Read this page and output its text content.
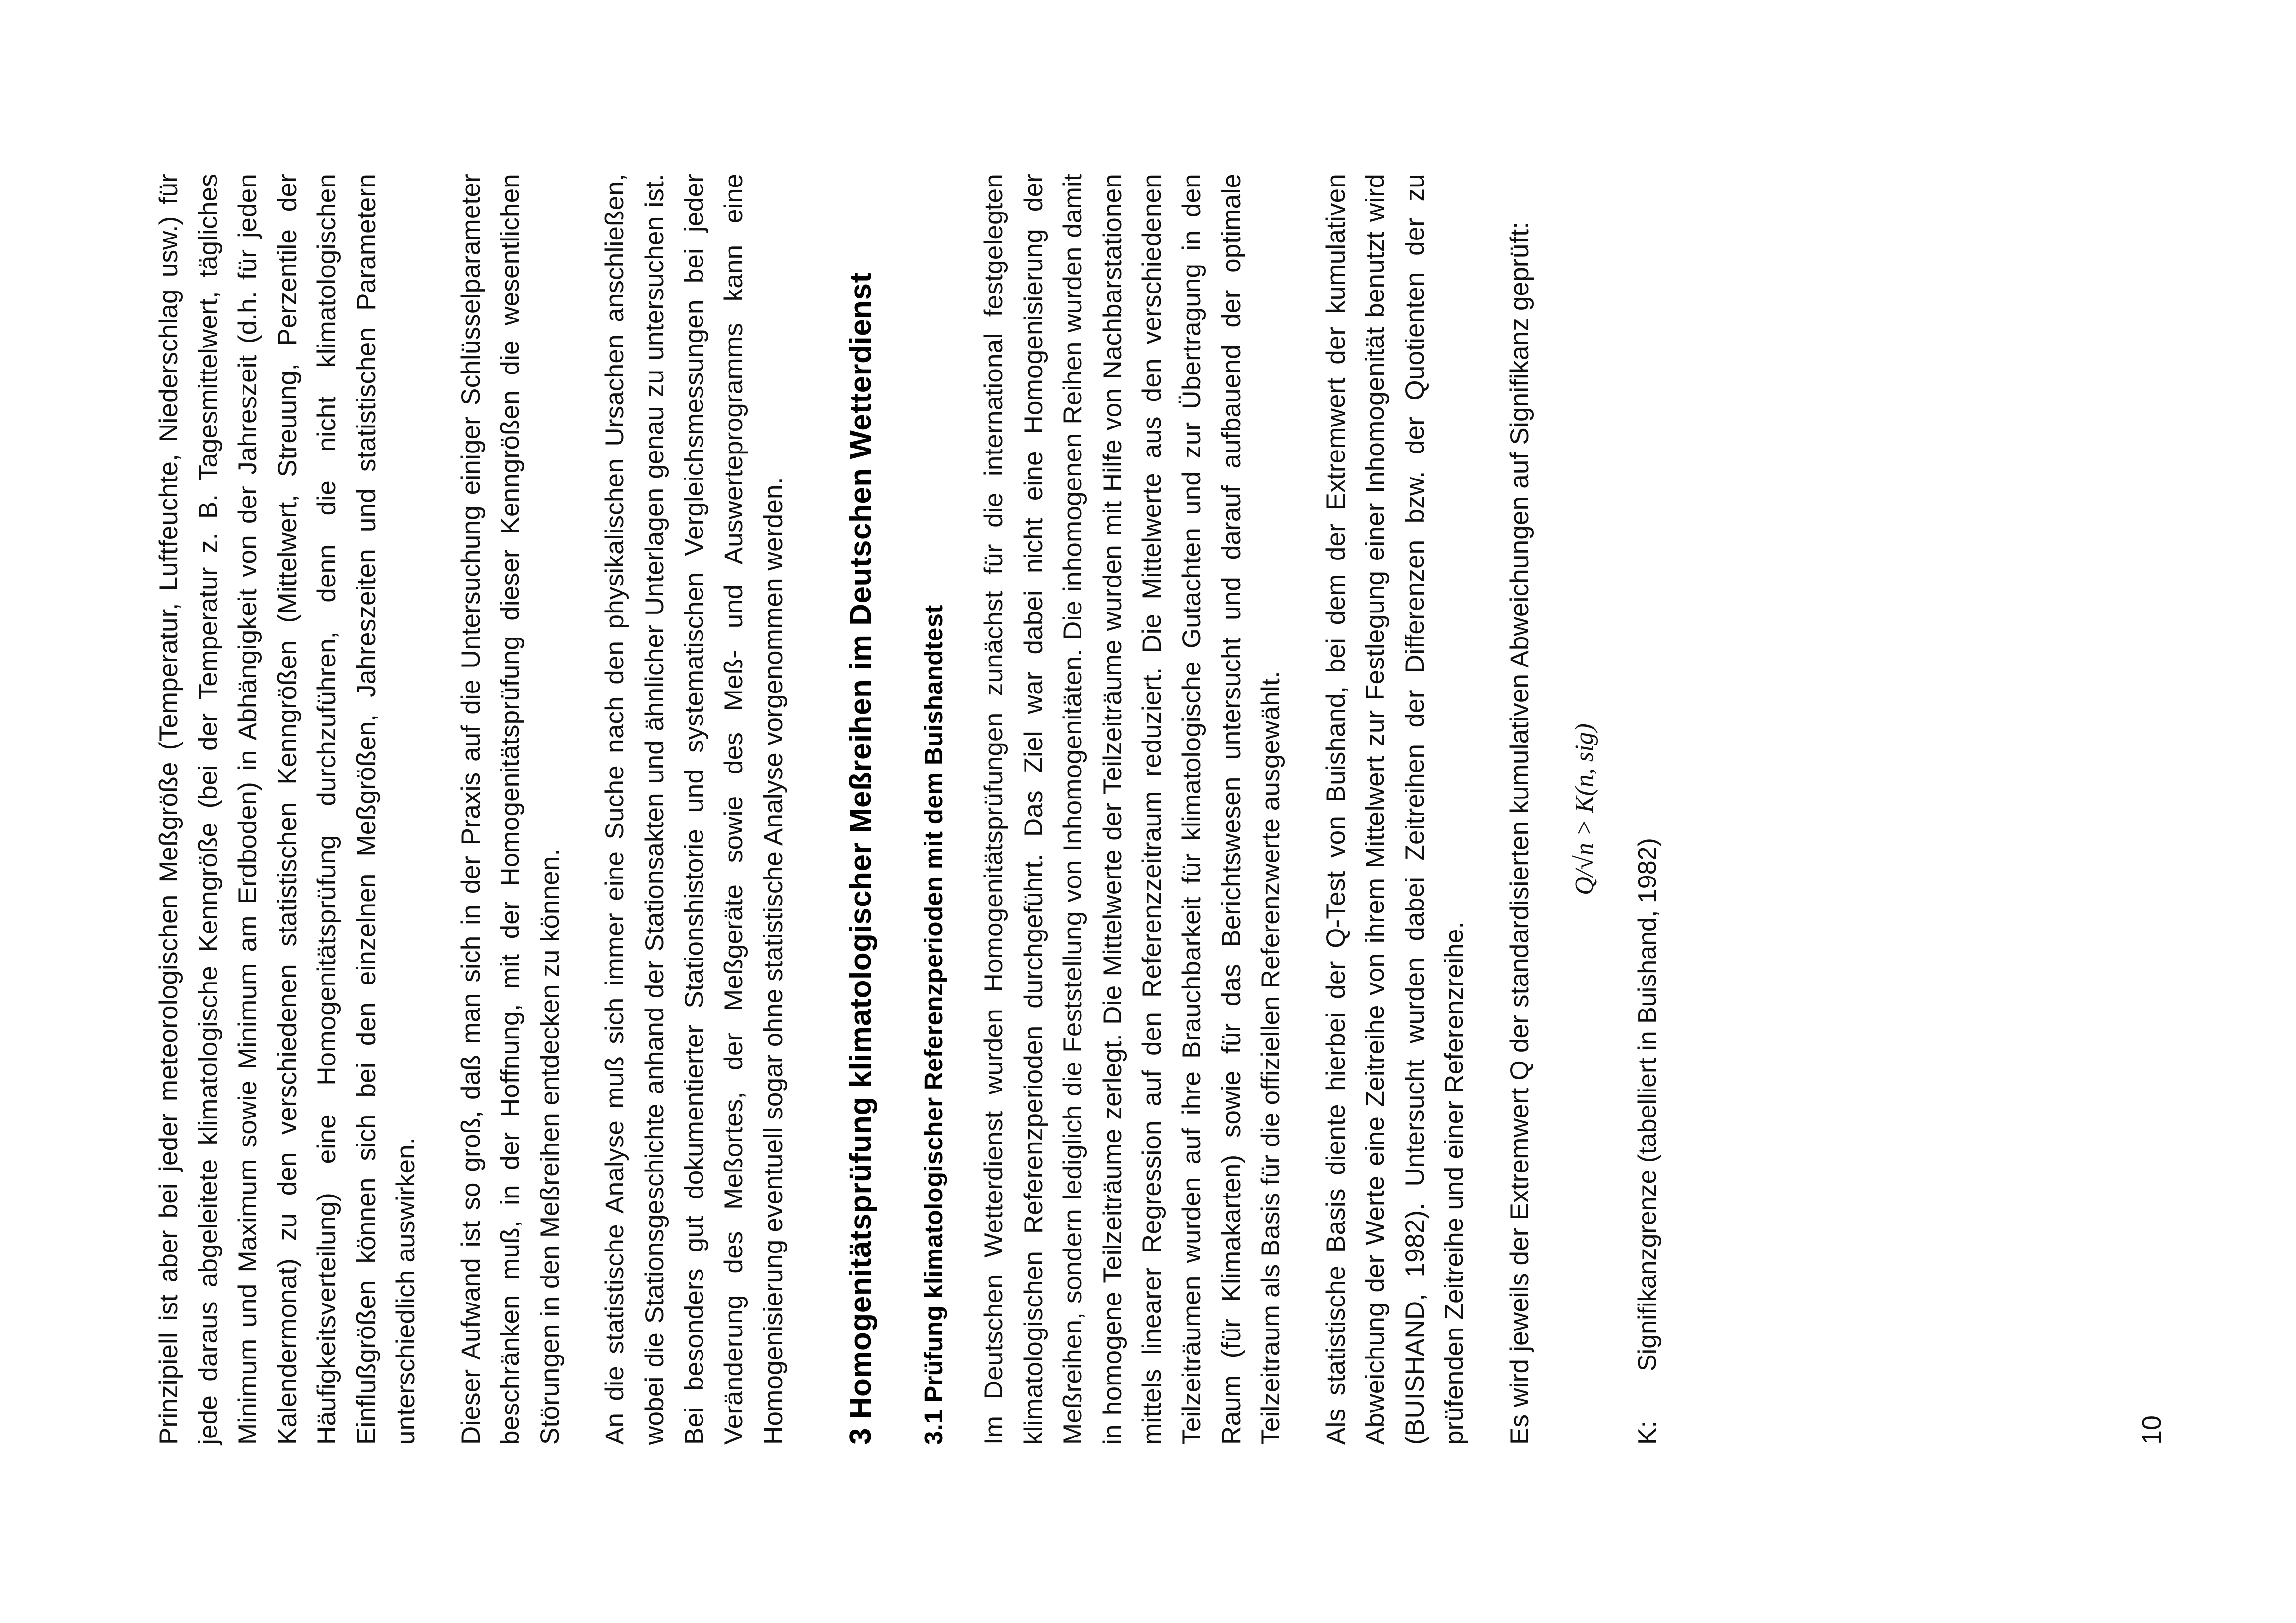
Prinzipiell ist aber bei jeder meteorologischen Meßgröße (Temperatur, Luftfeuchte, Niederschlag usw.) für jede daraus abgeleitete klimatologische Kenngröße (bei der Temperatur z. B. Tagesmittelwert, tägliches Minimum und Maximum sowie Minimum am Erdboden) in Abhängigkeit von der Jahreszeit (d.h. für jeden Kalendermonat) zu den verschiedenen statistischen Kenngrößen (Mittelwert, Streuung, Perzentile der Häufigkeitsverteilung) eine Homogenitätsprüfung durchzuführen, denn die nicht klimatologischen Einflußgrößen können sich bei den einzelnen Meßgrößen, Jahreszeiten und statistischen Parametern unterschiedlich auswirken. Dieser Aufwand ist so groß, daß man sich in der Praxis auf die Untersuchung einiger Schlüsselparameter beschränken muß, in der Hoffnung, mit der Homogenitätsprüfung dieser Kenngrößen die wesentlichen Störungen in den Meßreihen entdecken zu können. An die statistische Analyse muß sich immer eine Suche nach den physikalischen Ursachen anschließen, wobei die Stationsgeschichte anhand der Stationsakten und ähnlicher Unterlagen genau zu untersuchen ist. Bei besonders gut dokumentierter Stationshistorie und systematischen Vergleichsmessungen bei jeder Veränderung des Meßortes, der Meßgeräte sowie des Meß- und Auswerteprogramms kann eine Homogenisierung eventuell sogar ohne statistische Analyse vorgenommen werden. 3 Homogenitätsprüfung klimatologischer Meßreihen im Deutschen Wetterdienst 3.1 Prüfung klimatologischer Referenzperioden mit dem Buishandtest Im Deutschen Wetterdienst wurden Homogenitätsprüfungen zunächst für die international festgelegten klimatologischen Referenzperioden durchgeführt. Das Ziel war dabei nicht eine Homogenisierung der Meßreihen, sondern lediglich die Feststellung von Inhomogenitäten. Die inhomogenen Reihen wurden damit in homogene Teilzeiträume zerlegt. Die Mittelwerte der Teilzeiträume wurden mit Hilfe von Nachbarstationen mittels linearer Regression auf den Referenzzeitraum reduziert. Die Mittelwerte aus den verschiedenen Teilzeiträumen wurden auf ihre Brauchbarkeit für klimatologische Gutachten und zur Übertragung in den Raum (für Klimakarten) sowie für das Berichtswesen untersucht und darauf aufbauend der optimale Teilzeitraum als Basis für die offiziellen Referenzwerte ausgewählt. Als statistische Basis diente hierbei der Q-Test von Buishand, bei dem der Extremwert der kumulativen Abweichung der Werte eine Zeitreihe von ihrem Mittelwert zur Festlegung einer Inhomogenität benutzt wird (BUISHAND, 1982). Untersucht wurden dabei Zeitreihen der Differenzen bzw. der Quotienten der zu prüfenden Zeitreihe und einer Referenzreihe. Es wird jeweils der Extremwert Q der standardisierten kumulativen Abweichungen auf Signifikanz geprüft: Q/√n > K(n, sig)
K:
Signifikanzgrenze (tabelliert in Buishand, 1982)
10
